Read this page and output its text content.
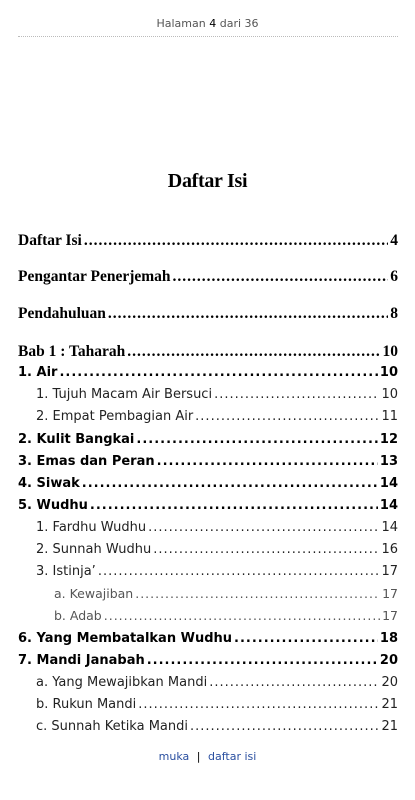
Halaman 4 dari 36
Daftar Isi
Daftar Isi .....	4
Pengantar Penerjemah .....	6
Pendahuluan .....	8
Bab 1 : Taharah .....	10
1. Air .....	10
1. Tujuh Macam Air Bersuci .....	10
2. Empat Pembagian Air .....	11
2. Kulit Bangkai .....	12
3. Emas dan Peran .....	13
4. Siwak .....	14
5. Wudhu .....	14
1. Fardhu Wudhu .....	14
2. Sunnah Wudhu .....	16
3. Istinja’ .....	17
a. Kewajiban .....	17
b. Adab .....	17
6. Yang Membatalkan Wudhu .....	18
7. Mandi Janabah .....	20
a. Yang Mewajibkan Mandi .....	20
b. Rukun Mandi .....	21
c. Sunnah Ketika Mandi .....	21
muka | daftar isi
